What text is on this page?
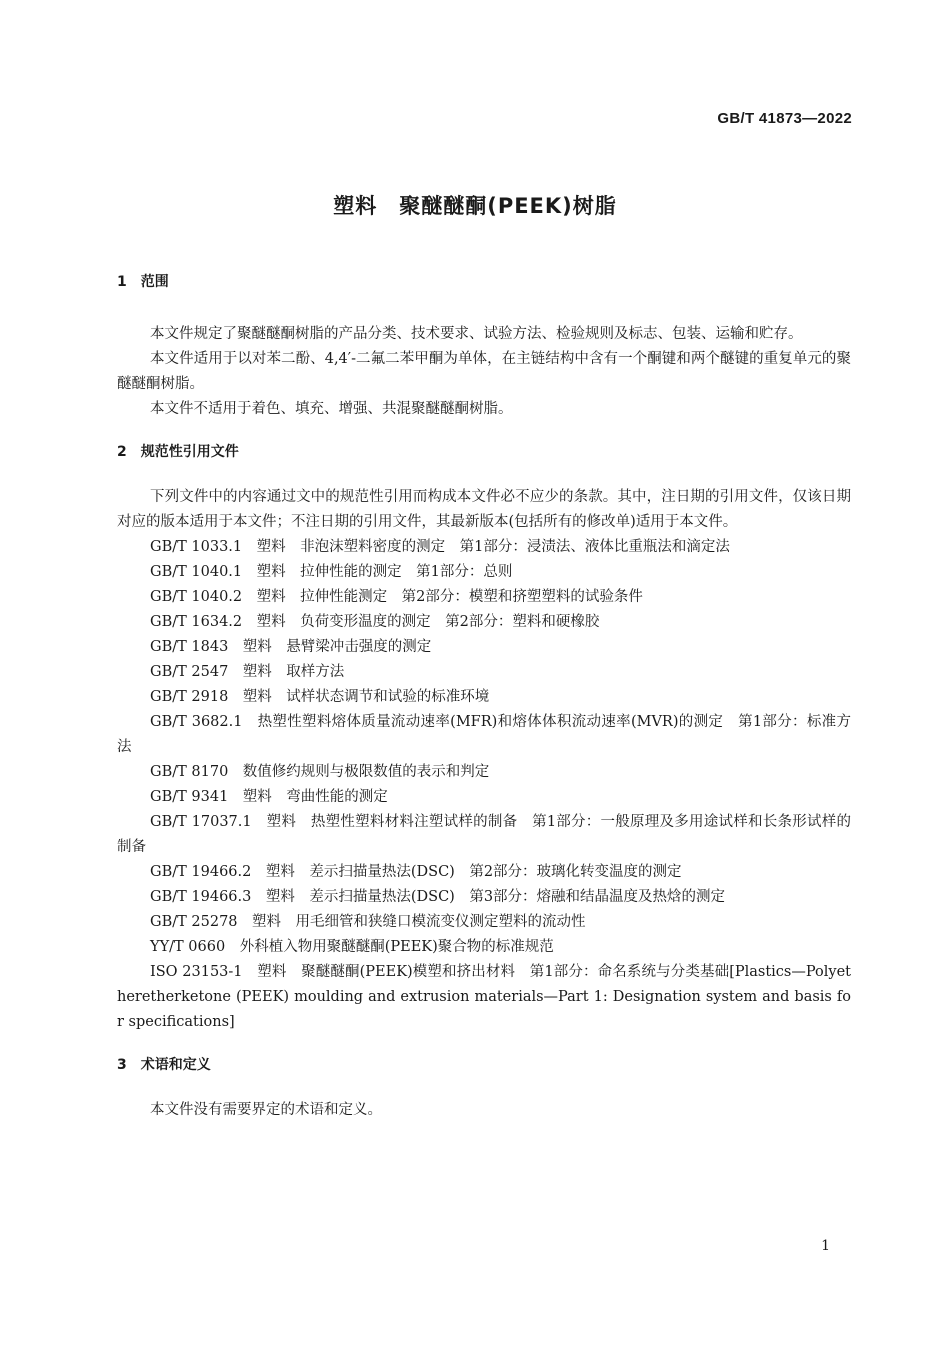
GB/T 41873—2022
塑料　聚醚醚酮(PEEK)树脂

1　范围

本文件规定了聚醚醚酮树脂的产品分类、技术要求、试验方法、检验规则及标志、包装、运输和贮存。

本文件适用于以对苯二酚、4,4′-二氟二苯甲酮为单体，在主链结构中含有一个酮键和两个醚键的重复单元的聚醚醚酮树脂。

本文件不适用于着色、填充、增强、共混聚醚醚酮树脂。

2　规范性引用文件

下列文件中的内容通过文中的规范性引用而构成本文件必不应少的条款。其中，注日期的引用文件，仅该日期对应的版本适用于本文件；不注日期的引用文件，其最新版本(包括所有的修改单)适用于本文件。

GB/T 1033.1　塑料　非泡沫塑料密度的测定　第1部分：浸渍法、液体比重瓶法和滴定法

GB/T 1040.1　塑料　拉伸性能的测定　第1部分：总则

GB/T 1040.2　塑料　拉伸性能测定　第2部分：模塑和挤塑塑料的试验条件

GB/T 1634.2　塑料　负荷变形温度的测定　第2部分：塑料和硬橡胶

GB/T 1843　塑料　悬臂梁冲击强度的测定

GB/T 2547　塑料　取样方法

GB/T 2918　塑料　试样状态调节和试验的标准环境

GB/T 3682.1　热塑性塑料熔体质量流动速率(MFR)和熔体体积流动速率(MVR)的测定　第1部分：标准方法

GB/T 8170　数值修约规则与极限数值的表示和判定

GB/T 9341　塑料　弯曲性能的测定

GB/T 17037.1　塑料　热塑性塑料材料注塑试样的制备　第1部分：一般原理及多用途试样和长条形试样的制备

GB/T 19466.2　塑料　差示扫描量热法(DSC)　第2部分：玻璃化转变温度的测定

GB/T 19466.3　塑料　差示扫描量热法(DSC)　第3部分：熔融和结晶温度及热焓的测定

GB/T 25278　塑料　用毛细管和狭缝口模流变仪测定塑料的流动性

YY/T 0660　外科植入物用聚醚醚酮(PEEK)聚合物的标准规范

ISO 23153-1　塑料　聚醚醚酮(PEEK)模塑和挤出材料　第1部分：命名系统与分类基础[Plastics—Polyetheretherketone (PEEK) moulding and extrusion materials—Part 1: Designation system and basis for specifications]

3　术语和定义

本文件没有需要界定的术语和定义。

1
